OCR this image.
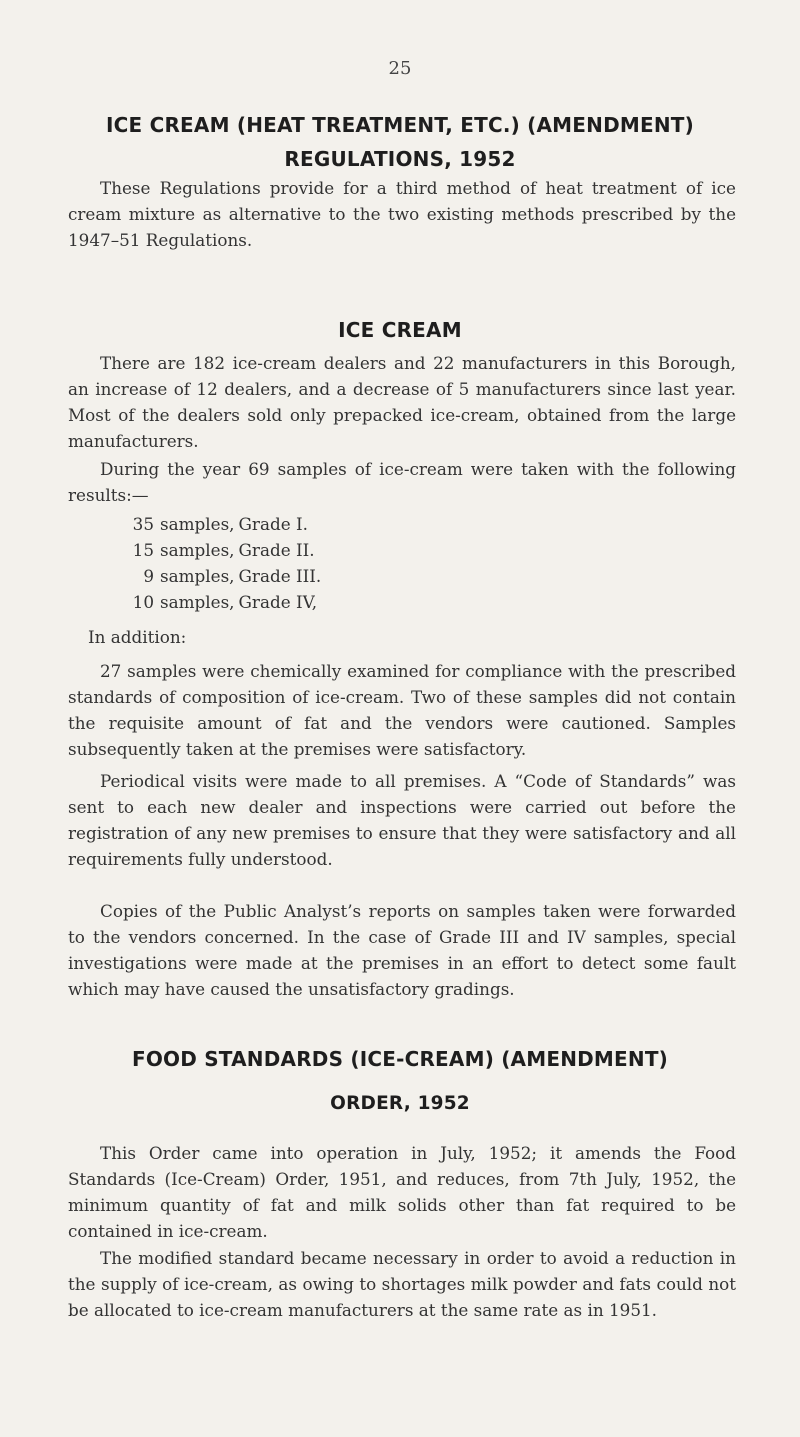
25
ICE CREAM (HEAT TREATMENT, ETC.) (AMENDMENT)
REGULATIONS, 1952

These Regulations provide for a third method of heat treatment of ice cream mixture as alternative to the two existing methods prescribed by the 1947–51 Regulations.

ICE CREAM

There are 182 ice-cream dealers and 22 manufacturers in this Borough, an increase of 12 dealers, and a decrease of 5 manufacturers since last year. Most of the dealers sold only prepacked ice-cream, obtained from the large manufacturers.

During the year 69 samples of ice-cream were taken with the following results:—

35 samples, Grade I.
15 samples, Grade II.
9 samples, Grade III.
10 samples, Grade IV,
In addition:

27 samples were chemically examined for compliance with the prescribed standards of composition of ice-cream. Two of these samples did not contain the requisite amount of fat and the vendors were cautioned. Samples subsequently taken at the premises were satisfactory.

Periodical visits were made to all premises. A “Code of Standards” was sent to each new dealer and inspections were carried out before the registration of any new premises to ensure that they were satisfactory and all requirements fully understood.

Copies of the Public Analyst’s reports on samples taken were forwarded to the vendors concerned. In the case of Grade III and IV samples, special investigations were made at the premises in an effort to detect some fault which may have caused the unsatisfactory gradings.

FOOD STANDARDS (ICE-CREAM) (AMENDMENT)
ORDER, 1952

This Order came into operation in July, 1952; it amends the Food Standards (Ice-Cream) Order, 1951, and reduces, from 7th July, 1952, the minimum quantity of fat and milk solids other than fat required to be contained in ice-cream.

The modified standard became necessary in order to avoid a reduction in the supply of ice-cream, as owing to shortages milk powder and fats could not be allocated to ice-cream manufacturers at the same rate as in 1951.
